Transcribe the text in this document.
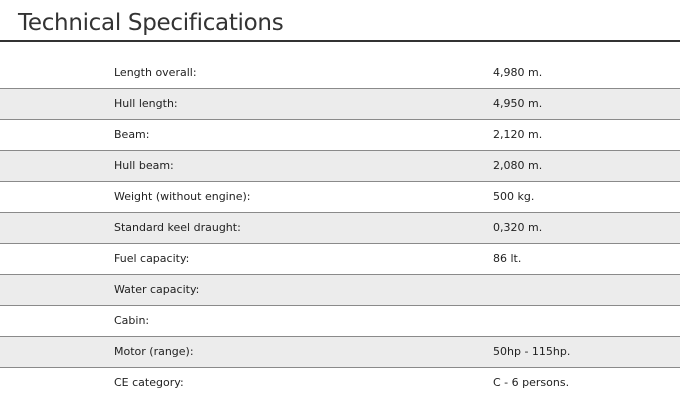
Technical Specifications
Length overall:	4,980 m.
Hull length:	4,950 m.
Beam:	2,120 m.
Hull beam:	2,080 m.
Weight (without engine):	500 kg.
Standard keel draught:	0,320 m.
Fuel capacity:	86 lt.
Water capacity:
Cabin:
Motor (range):	50hp - 115hp.
CE category:	C - 6 persons.
